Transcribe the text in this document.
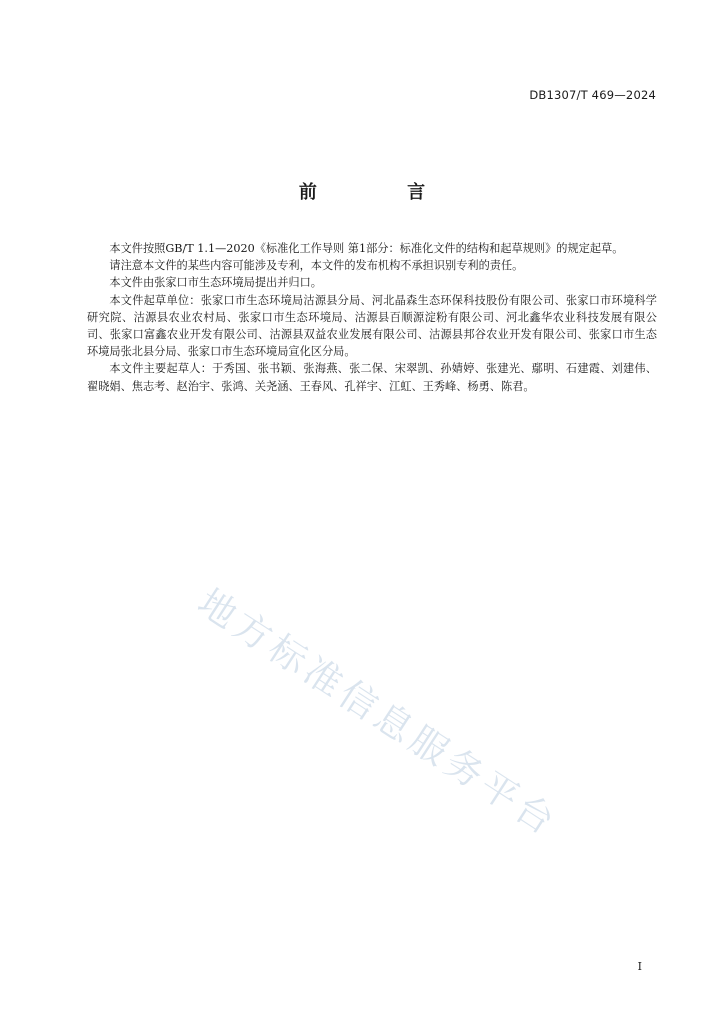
DB1307/T 469—2024
前 言

本文件按照GB/T 1.1—2020《标准化工作导则 第1部分：标准化文件的结构和起草规则》的规定起草。

请注意本文件的某些内容可能涉及专利，本文件的发布机构不承担识别专利的责任。

本文件由张家口市生态环境局提出并归口。

本文件起草单位：张家口市生态环境局沽源县分局、河北晶森生态环保科技股份有限公司、张家口市环境科学研究院、沽源县农业农村局、张家口市生态环境局、沽源县百顺源淀粉有限公司、河北鑫华农业科技发展有限公司、张家口富鑫农业开发有限公司、沽源县双益农业发展有限公司、沽源县邦谷农业开发有限公司、张家口市生态环境局张北县分局、张家口市生态环境局宣化区分局。

本文件主要起草人：于秀国、张书颖、张海燕、张二保、宋翠凯、孙婧婷、张建光、鄢明、石建霞、刘建伟、翟晓娟、焦志考、赵治宇、张鸿、关尧涵、王春风、孔祥宇、江虹、王秀峰、杨勇、陈君。

地方标准信息服务平台
I
